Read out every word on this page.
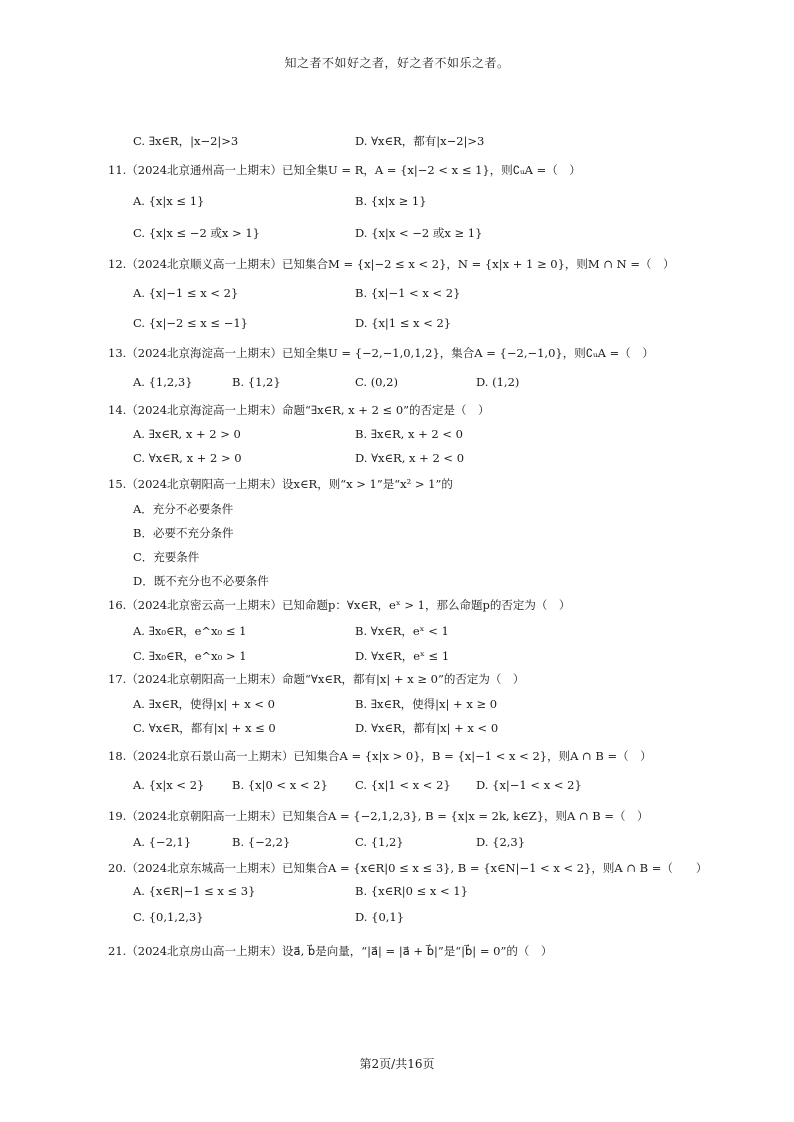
知之者不如好之者，好之者不如乐之者。
C. ∃x∈R，|x−2|>3	D. ∀x∈R，都有|x−2|>3
11.（2024北京通州高一上期末）已知全集U = R，A = {x|−2 < x ≤ 1}，则∁ᵤA =（　）
A. {x|x ≤ 1}	B. {x|x ≥ 1}
C. {x|x ≤ −2 或x > 1}	D. {x|x < −2 或x ≥ 1}
12.（2024北京顺义高一上期末）已知集合M = {x|−2 ≤ x < 2}，N = {x|x + 1 ≥ 0}，则M ∩ N =（　）
A. {x|−1 ≤ x < 2}	B. {x|−1 < x < 2}
C. {x|−2 ≤ x ≤ −1}	D. {x|1 ≤ x < 2}
13.（2024北京海淀高一上期末）已知全集U = {−2,−1,0,1,2}，集合A = {−2,−1,0}，则∁ᵤA =（　）
A. {1,2,3}	B. {1,2}	C. (0,2)	D. (1,2)
14.（2024北京海淀高一上期末）命题“∃x∈R, x + 2 ≤ 0”的否定是（　）
A. ∃x∈R, x + 2 > 0	B. ∃x∈R, x + 2 < 0
C. ∀x∈R, x + 2 > 0	D. ∀x∈R, x + 2 < 0
15.（2024北京朝阳高一上期末）设x∈R，则“x > 1”是“x² > 1”的
A．充分不必要条件
B．必要不充分条件
C．充要条件
D．既不充分也不必要条件
16.（2024北京密云高一上期末）已知命题p：∀x∈R，eˣ > 1，那么命题p的否定为（　）
A. ∃x₀∈R，e^x₀ ≤ 1	B. ∀x∈R，eˣ < 1
C. ∃x₀∈R，e^x₀ > 1	D. ∀x∈R，eˣ ≤ 1
17.（2024北京朝阳高一上期末）命题“∀x∈R，都有|x| + x ≥ 0”的否定为（　）
A. ∃x∈R，使得|x| + x < 0	B. ∃x∈R，使得|x| + x ≥ 0
C. ∀x∈R，都有|x| + x ≤ 0	D. ∀x∈R，都有|x| + x < 0
18.（2024北京石景山高一上期末）已知集合A = {x|x > 0}，B = {x|−1 < x < 2}，则A ∩ B =（　）
A. {x|x < 2} B. {x|0 < x < 2} C. {x|1 < x < 2} D. {x|−1 < x < 2}
19.（2024北京朝阳高一上期末）已知集合A = {−2,1,2,3}, B = {x|x = 2k, k∈Z}，则A ∩ B =（　）
A. {−2,1}	B. {−2,2}	C. {1,2}	D. {2,3}
20.（2024北京东城高一上期末）已知集合A = {x∈R|0 ≤ x ≤ 3}, B = {x∈N|−1 < x < 2}，则A ∩ B =（　　）
A. {x∈R|−1 ≤ x ≤ 3}	B. {x∈R|0 ≤ x < 1}
C. {0,1,2,3}	D. {0,1}
21.（2024北京房山高一上期末）设a⃗, b⃗是向量，“|a⃗| = |a⃗ + b⃗|”是“|b⃗| = 0”的（　）
第2页/共16页
